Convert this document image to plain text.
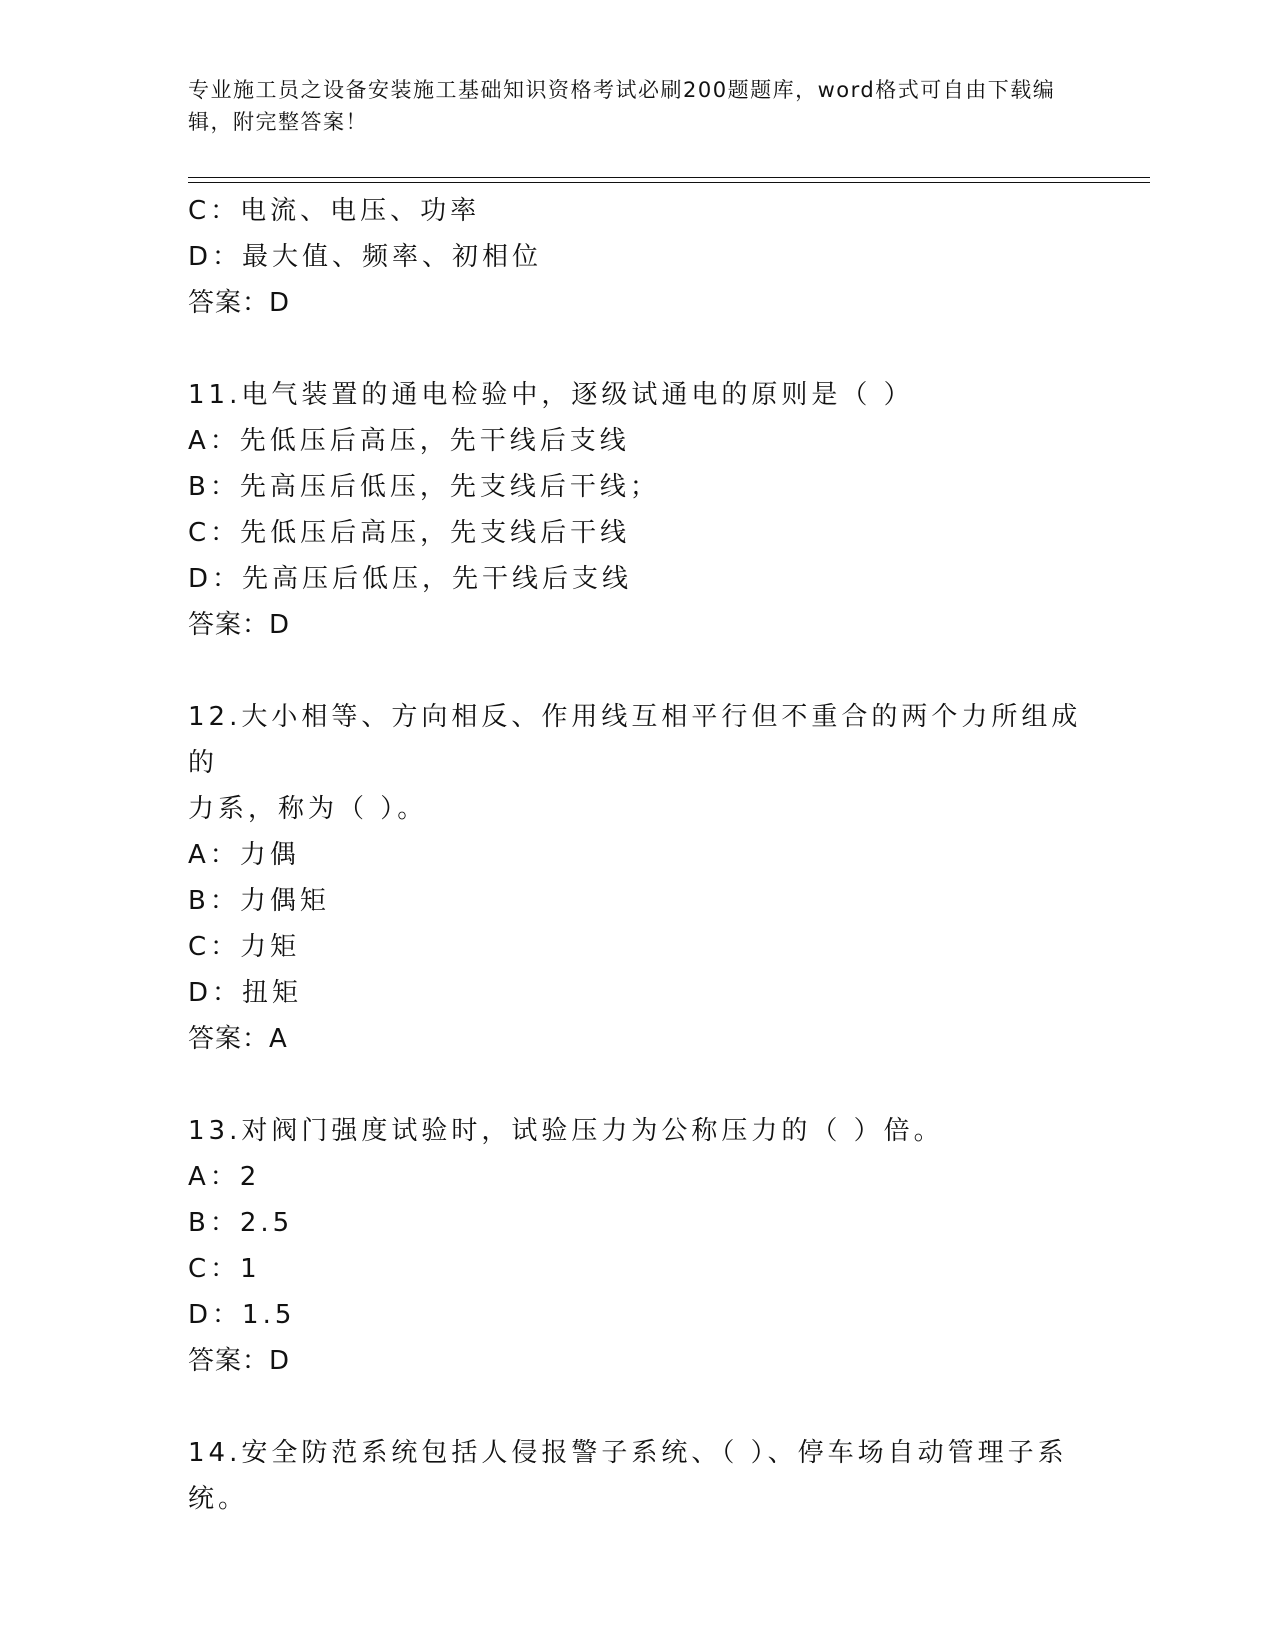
专业施工员之设备安装施工基础知识资格考试必刷200题题库，word格式可自由下载编辑，附完整答案！
C：电流、电压、功率
D：最大值、频率、初相位
答案：D
11.电气装置的通电检验中，逐级试通电的原则是（ ）
A：先低压后高压，先干线后支线
B：先高压后低压，先支线后干线；
C：先低压后高压，先支线后干线
D：先高压后低压，先干线后支线
答案：D
12.大小相等、方向相反、作用线互相平行但不重合的两个力所组成的
力系，称为（ ）。
A：力偶
B：力偶矩
C：力矩
D：扭矩
答案：A
13.对阀门强度试验时，试验压力为公称压力的（ ）倍。
A：2
B：2.5
C：1
D：1.5
答案：D
14.安全防范系统包括人侵报警子系统、（ ）、停车场自动管理子系
统。
